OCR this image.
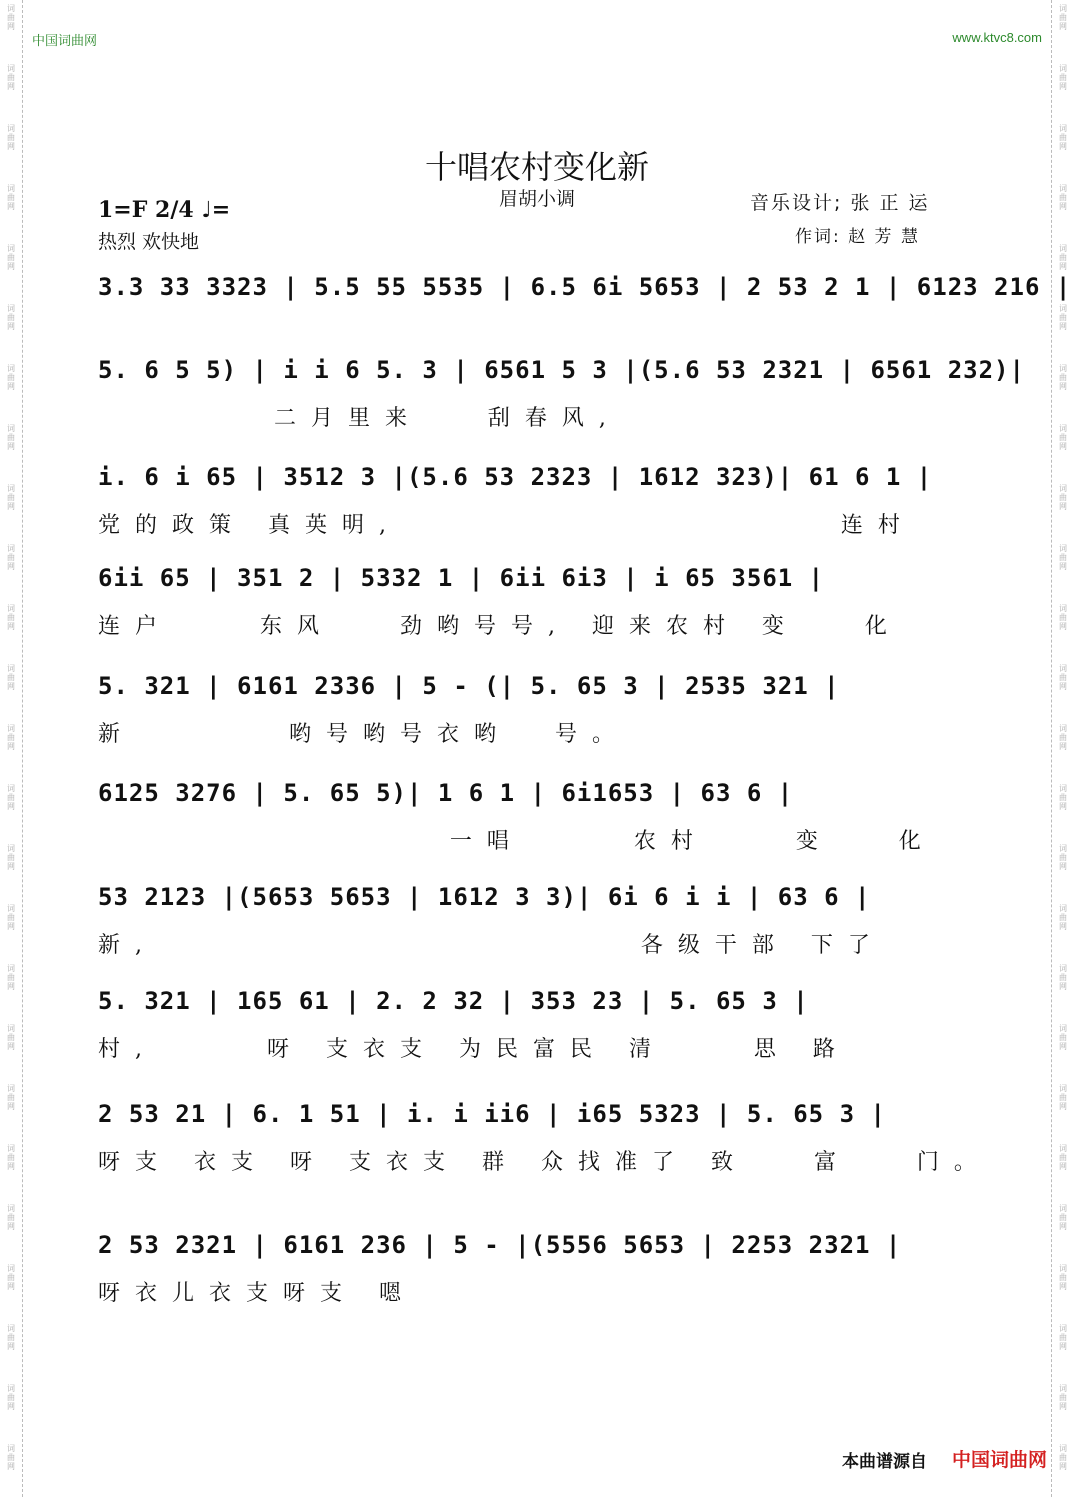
词
曲
网
词
曲
网
词
曲
网
词
曲
网
词
曲
网
词
曲
网
词
曲
网
词
曲
网
词
曲
网
词
曲
网
词
曲
网
词
曲
网
词
曲
网
词
曲
网
词
曲
网
词
曲
网
词
曲
网
词
曲
网
词
曲
网
词
曲
网
词
曲
网
词
曲
网
词
曲
网
词
曲
网
词
曲
网
词
曲
网
词
曲
网
词
曲
网
词
曲
网
词
曲
网
词
曲
网
词
曲
网
词
曲
网
词
曲
网
词
曲
网
词
曲
网
词
曲
网
词
曲
网
词
曲
网
词
曲
网
词
曲
网
词
曲
网
词
曲
网
词
曲
网
词
曲
网
词
曲
网
词
曲
网
词
曲
网
词
曲
网
词
曲
网
中国词曲网	www.ktvc8.com
十唱农村变化新
眉胡小调
1=F 2/4 ♩=
热烈 欢快地
音乐设计; 张 正 运
作词: 赵 芳 慧
3.3 33 3323 | 5.5 55 5535 | 6.5 6i 5653 | 2 53 2 1 | 6123 216 |
5. 6 5 5) | i i 6 5. 3 | 6561 5 3 |(5.6 53 2321 | 6561 232)|
二月里来   刮春风,
i. 6 i 65 | 3512 3 |(5.6 53 2323 | 1612 323)| 61 6 1 |
党的政策 真英明,                    连村
6ii 65 | 351 2 | 5332 1 | 6ii 6i3 | i 65 3561 |
连户    东风   劲哟号号, 迎来农村 变   化
5. 321 | 6161 2336 | 5 - (| 5. 65 3 | 2535 321 |
新       哟号哟号衣哟  号。
6125 3276 | 5. 65 5)| 1 6 1 | 6i1653 | 63 6 |
一唱     农村    变   化
53 2123 |(5653 5653 | 1612 3 3)| 6i 6 i i | 63 6 |
新,                      各级干部 下了
5. 321 | 165 61 | 2. 2 32 | 353 23 | 5. 65 3 |
村,     呀 支衣支 为民富民 清    思 路
2 53 21 | 6. 1 51 | i. i ii6 | i65 5323 | 5. 65 3 |
呀支 衣支 呀 支衣支 群 众找准了 致   富   门。
2 53 2321 | 6161 236 | 5 - |(5556 5653 | 2253 2321 |
呀衣儿衣支呀支 嗯
本曲谱源自 中国词曲网
